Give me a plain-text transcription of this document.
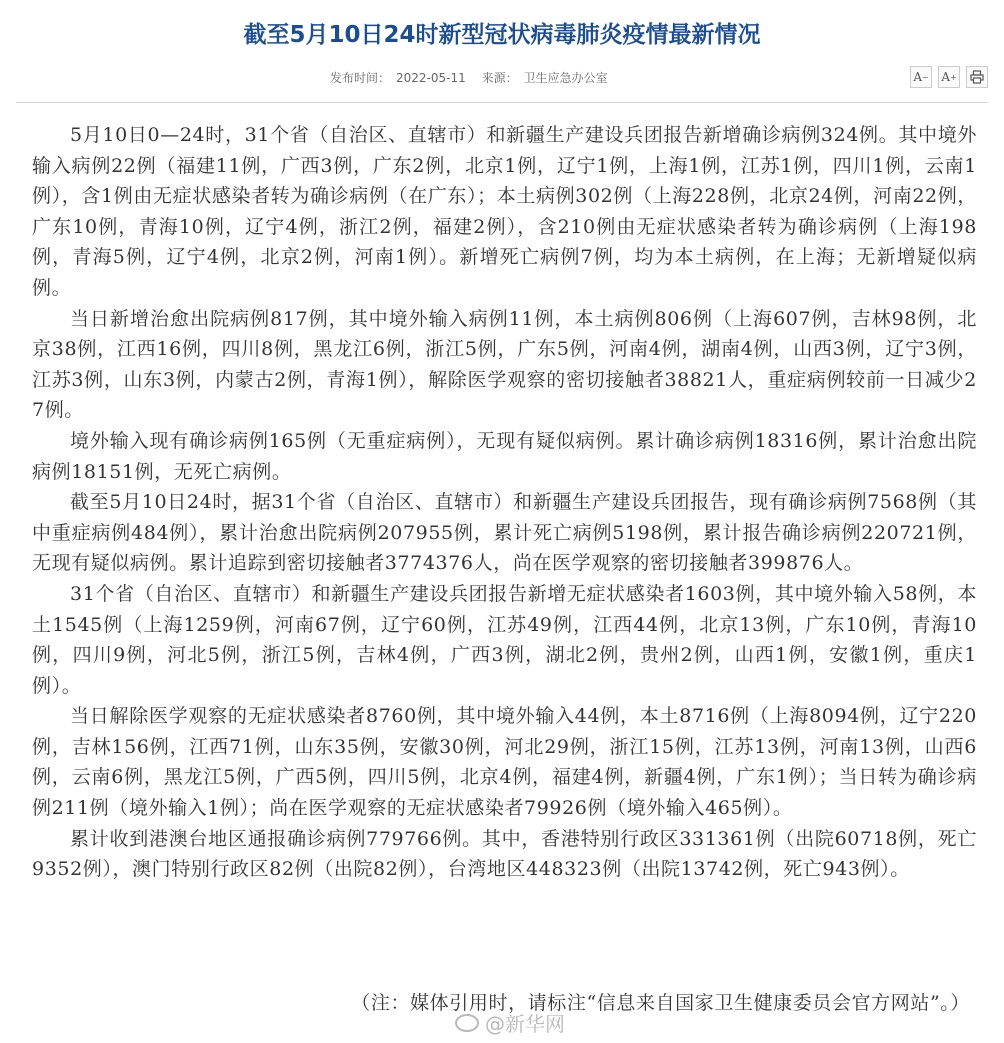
截至5月10日24时新型冠状病毒肺炎疫情最新情况
发布时间： 2022-05-11 来源： 卫生应急办公室	A − A +

5月10日0—24时，31个省（自治区、直辖市）和新疆生产建设兵团报告新增确诊病例324例。其中境外输入病例22例（福建11例，广西3例，广东2例，北京1例，辽宁1例，上海1例，江苏1例，四川1例，云南1例），含1例由无症状感染者转为确诊病例（在广东）；本土病例302例（上海228例，北京24例，河南22例，广东10例，青海10例，辽宁4例，浙江2例，福建2例），含210例由无症状感染者转为确诊病例（上海198例，青海5例，辽宁4例，北京2例，河南1例）。新增死亡病例7例，均为本土病例，在上海；无新增疑似病例。

当日新增治愈出院病例817例，其中境外输入病例11例，本土病例806例（上海607例，吉林98例，北京38例，江西16例，四川8例，黑龙江6例，浙江5例，广东5例，河南4例，湖南4例，山西3例，辽宁3例，江苏3例，山东3例，内蒙古2例，青海1例），解除医学观察的密切接触者38821人，重症病例较前一日减少27例。

境外输入现有确诊病例165例（无重症病例），无现有疑似病例。累计确诊病例18316例，累计治愈出院病例18151例，无死亡病例。

截至5月10日24时，据31个省（自治区、直辖市）和新疆生产建设兵团报告，现有确诊病例7568例（其中重症病例484例），累计治愈出院病例207955例，累计死亡病例5198例，累计报告确诊病例220721例，无现有疑似病例。累计追踪到密切接触者3774376人，尚在医学观察的密切接触者399876人。

31个省（自治区、直辖市）和新疆生产建设兵团报告新增无症状感染者1603例，其中境外输入58例，本土1545例（上海1259例，河南67例，辽宁60例，江苏49例，江西44例，北京13例，广东10例，青海10例，四川9例，河北5例，浙江5例，吉林4例，广西3例，湖北2例，贵州2例，山西1例，安徽1例，重庆1例）。

当日解除医学观察的无症状感染者8760例，其中境外输入44例，本土8716例（上海8094例，辽宁220例，吉林156例，江西71例，山东35例，安徽30例，河北29例，浙江15例，江苏13例，河南13例，山西6例，云南6例，黑龙江5例，广西5例，四川5例，北京4例，福建4例，新疆4例，广东1例）；当日转为确诊病例211例（境外输入1例）；尚在医学观察的无症状感染者79926例（境外输入465例）。

累计收到港澳台地区通报确诊病例779766例。其中，香港特别行政区331361例（出院60718例，死亡9352例），澳门特别行政区82例（出院82例），台湾地区448323例（出院13742例，死亡943例）。

（注：媒体引用时，请标注“信息来自国家卫生健康委员会官方网站”。）
@新华网
